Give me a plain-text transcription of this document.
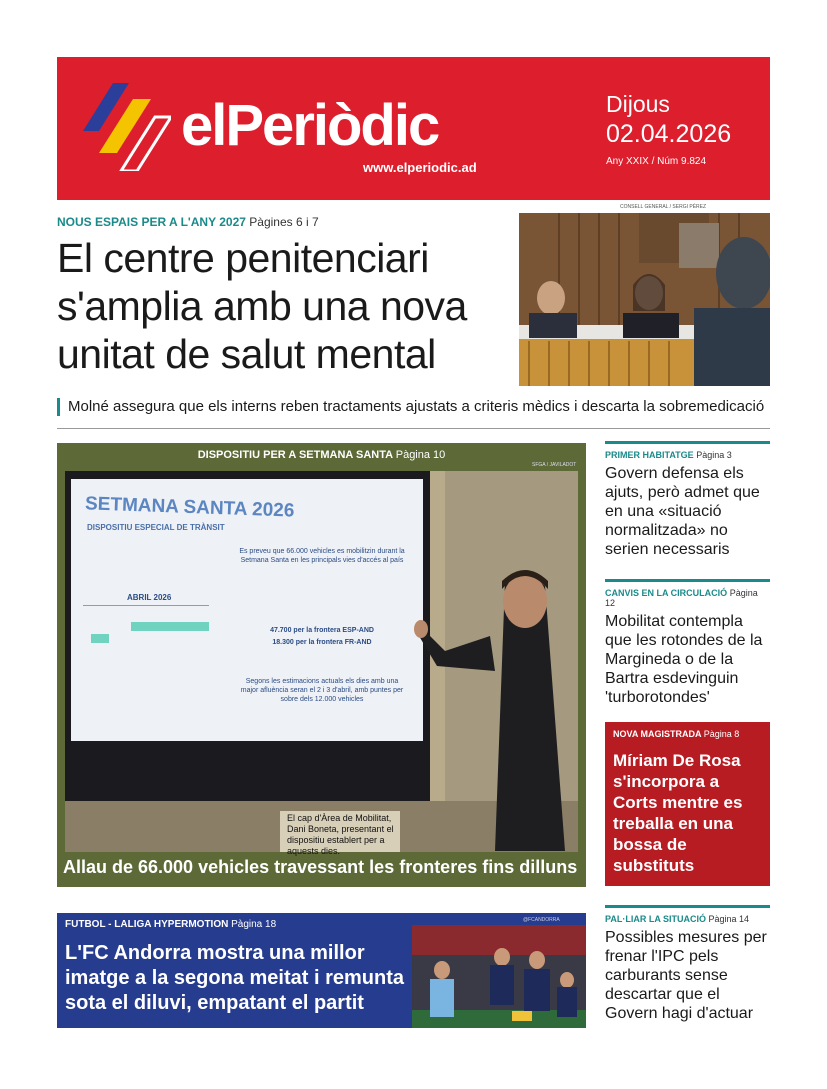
elPeriòdic
www.elperiodic.ad
Dijous
02.04.2026
Any XXIX / Núm 9.824
NOUS ESPAIS PER A L'ANY 2027 Pàgines 6 i 7
El centre penitenciari s'amplia amb una nova unitat de salut mental
CONSELL GENERAL / SERGI PÉREZ
Molné assegura que els interns reben tractaments ajustats a criteris mèdics i descarta la sobremedicació
DISPOSITIU PER A SETMANA SANTA Pàgina 10
SFGA / JAVILADOT
SETMANA SANTA 2026
DISPOSITIU ESPECIAL DE TRÀNSIT
ABRIL 2026
Es preveu que 66.000 vehicles es mobilitzin durant la Setmana Santa en les principals vies d'accés al país
47.700 per la frontera ESP-AND
18.300 per la frontera FR-AND
Segons les estimacions actuals els dies amb una major afluència seran el 2 i 3 d'abril, amb puntes per sobre dels 12.000 vehicles
El cap d'Àrea de Mobilitat, Dani Boneta, presentant el dispositiu establert per a aquests dies.
Allau de 66.000 vehicles travessant les fronteres fins dilluns
FUTBOL - LALIGA HYPERMOTION Pàgina 18	@FCANDORRA
L'FC Andorra mostra una millor imatge a la segona meitat i remunta sota el diluvi, empatant el partit
PRIMER HABITATGE Pàgina 3
Govern defensa els ajuts, però admet que en una «situació normalitzada» no serien necessaris
CANVIS EN LA CIRCULACIÓ Pàgina 12
Mobilitat contempla que les rotondes de la Margineda o de la Bartra esdevinguin 'turborotondes'
NOVA MAGISTRADA Pàgina 8
Míriam De Rosa s'incorpora a Corts mentre es treballa en una bossa de substituts
PAL·LIAR LA SITUACIÓ Pàgina 14
Possibles mesures per frenar l'IPC pels carburants sense descartar que el Govern hagi d'actuar
